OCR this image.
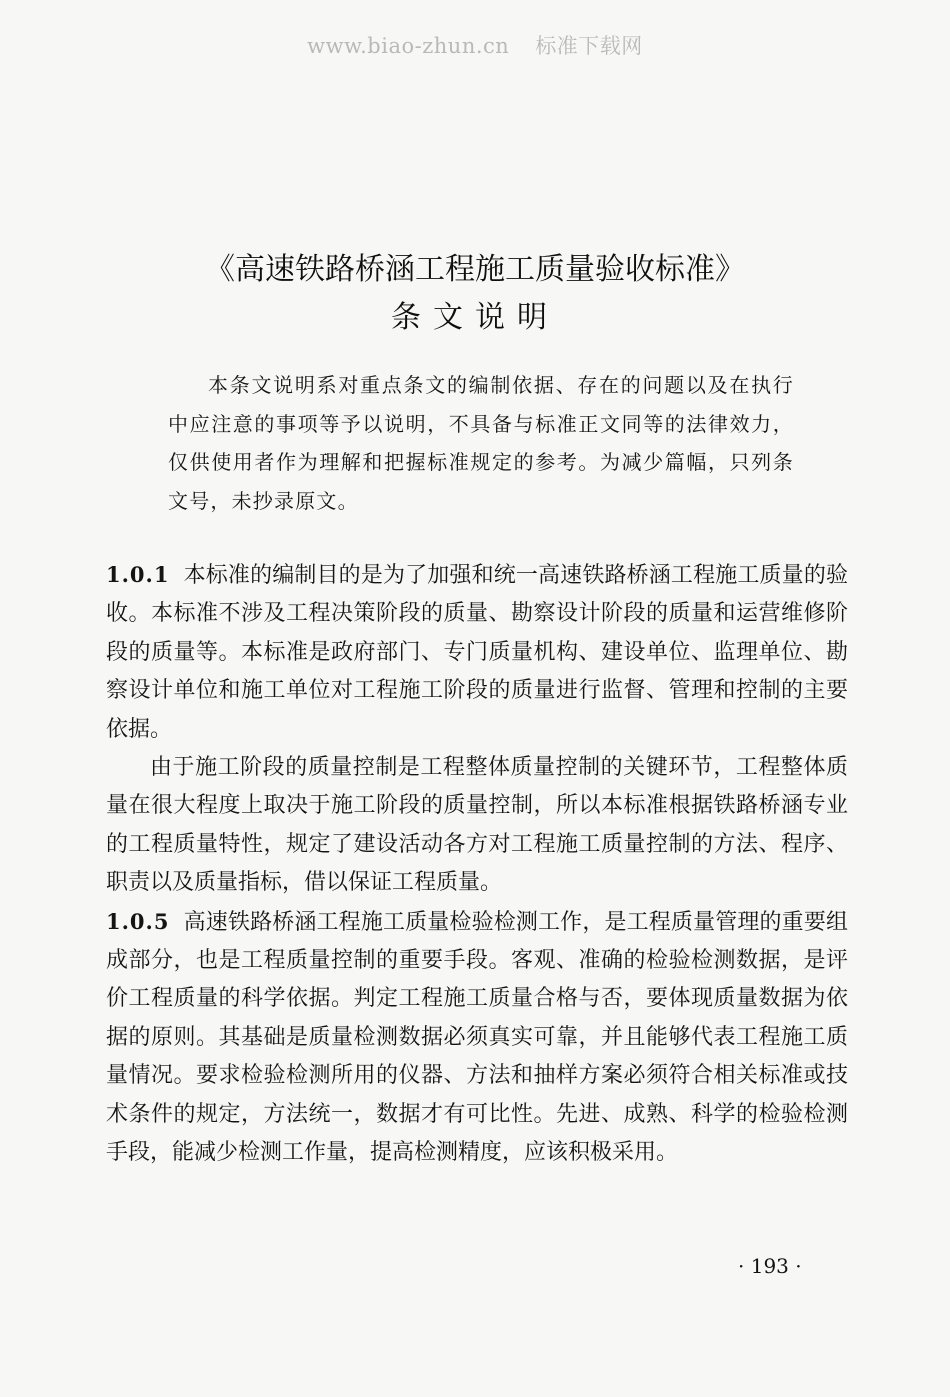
www.biao-zhun.cn 标准下载网
《高速铁路桥涵工程施工质量验收标准》
条文说明
本条文说明系对重点条文的编制依据、存在的问题以及在执行中应注意的事项等予以说明，不具备与标准正文同等的法律效力，仅供使用者作为理解和把握标准规定的参考。为减少篇幅，只列条文号，未抄录原文。

1.0.1 本标准的编制目的是为了加强和统一高速铁路桥涵工程施工质量的验收。本标准不涉及工程决策阶段的质量、勘察设计阶段的质量和运营维修阶段的质量等。本标准是政府部门、专门质量机构、建设单位、监理单位、勘察设计单位和施工单位对工程施工阶段的质量进行监督、管理和控制的主要依据。

由于施工阶段的质量控制是工程整体质量控制的关键环节，工程整体质量在很大程度上取决于施工阶段的质量控制，所以本标准根据铁路桥涵专业的工程质量特性，规定了建设活动各方对工程施工质量控制的方法、程序、职责以及质量指标，借以保证工程质量。

1.0.5 高速铁路桥涵工程施工质量检验检测工作，是工程质量管理的重要组成部分，也是工程质量控制的重要手段。客观、准确的检验检测数据，是评价工程质量的科学依据。判定工程施工质量合格与否，要体现质量数据为依据的原则。其基础是质量检测数据必须真实可靠，并且能够代表工程施工质量情况。要求检验检测所用的仪器、方法和抽样方案必须符合相关标准或技术条件的规定，方法统一，数据才有可比性。先进、成熟、科学的检验检测手段，能减少检测工作量，提高检测精度，应该积极采用。

· 193 ·
